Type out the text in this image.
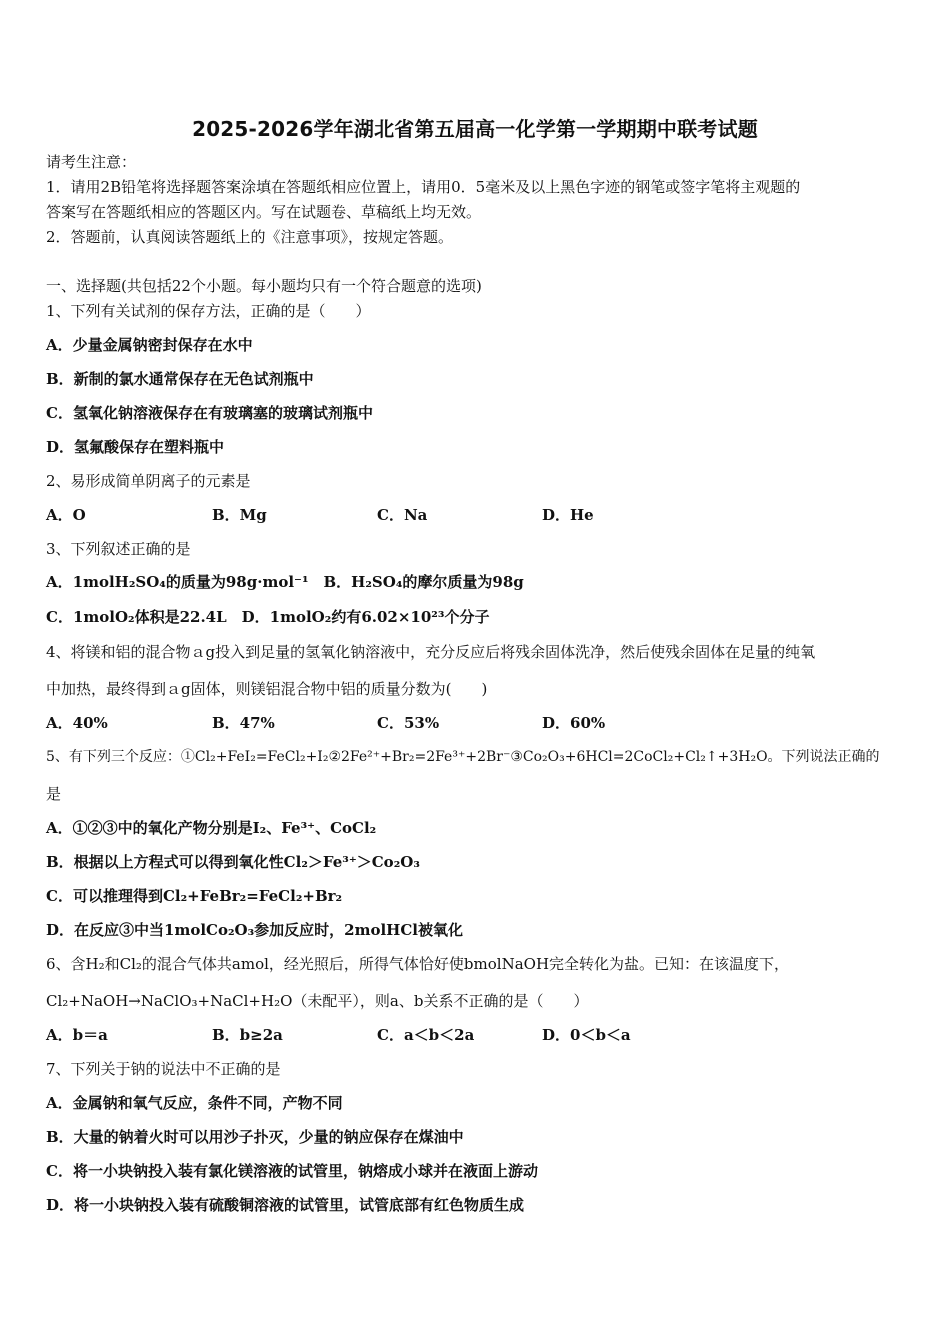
2025-2026学年湖北省第五届高一化学第一学期期中联考试题
请考生注意：
1．请用2B铅笔将选择题答案涂填在答题纸相应位置上，请用0．5毫米及以上黑色字迹的钢笔或签字笔将主观题的
答案写在答题纸相应的答题区内。写在试题卷、草稿纸上均无效。
2．答题前，认真阅读答题纸上的《注意事项》，按规定答题。
一、选择题(共包括22个小题。每小题均只有一个符合题意的选项)
1、下列有关试剂的保存方法，正确的是（　　）
A．少量金属钠密封保存在水中
B．新制的氯水通常保存在无色试剂瓶中
C．氢氧化钠溶液保存在有玻璃塞的玻璃试剂瓶中
D．氢氟酸保存在塑料瓶中
2、易形成简单阴离子的元素是
A．O	B．Mg	C．Na	D．He
3、下列叙述正确的是
A．1molH₂SO₄的质量为98g·mol⁻¹　B．H₂SO₄的摩尔质量为98g
C．1molO₂体积是22.4L　D．1molO₂约有6.02×10²³个分子
4、将镁和铝的混合物ａg投入到足量的氢氧化钠溶液中，充分反应后将残余固体洗净，然后使残余固体在足量的纯氧
中加热，最终得到ａg固体，则镁铝混合物中铝的质量分数为(　　)
A．40%	B．47%	C．53%	D．60%
5、有下列三个反应：①Cl₂+FeI₂=FeCl₂+I₂②2Fe²⁺+Br₂=2Fe³⁺+2Br⁻③Co₂O₃+6HCl=2CoCl₂+Cl₂↑+3H₂O。下列说法正确的
是
A．①②③中的氧化产物分别是I₂、Fe³⁺、CoCl₂
B．根据以上方程式可以得到氧化性Cl₂＞Fe³⁺＞Co₂O₃
C．可以推理得到Cl₂+FeBr₂=FeCl₂+Br₂
D．在反应③中当1molCo₂O₃参加反应时，2molHCl被氧化
6、含H₂和Cl₂的混合气体共amol，经光照后，所得气体恰好使bmolNaOH完全转化为盐。已知：在该温度下，
Cl₂+NaOH→NaClO₃+NaCl+H₂O（未配平），则a、b关系不正确的是（　　）
A．b＝a	B．b≥2a	C．a＜b＜2a	D．0＜b＜a
7、下列关于钠的说法中不正确的是
A．金属钠和氧气反应，条件不同，产物不同
B．大量的钠着火时可以用沙子扑灭，少量的钠应保存在煤油中
C．将一小块钠投入装有氯化镁溶液的试管里，钠熔成小球并在液面上游动
D．将一小块钠投入装有硫酸铜溶液的试管里，试管底部有红色物质生成
